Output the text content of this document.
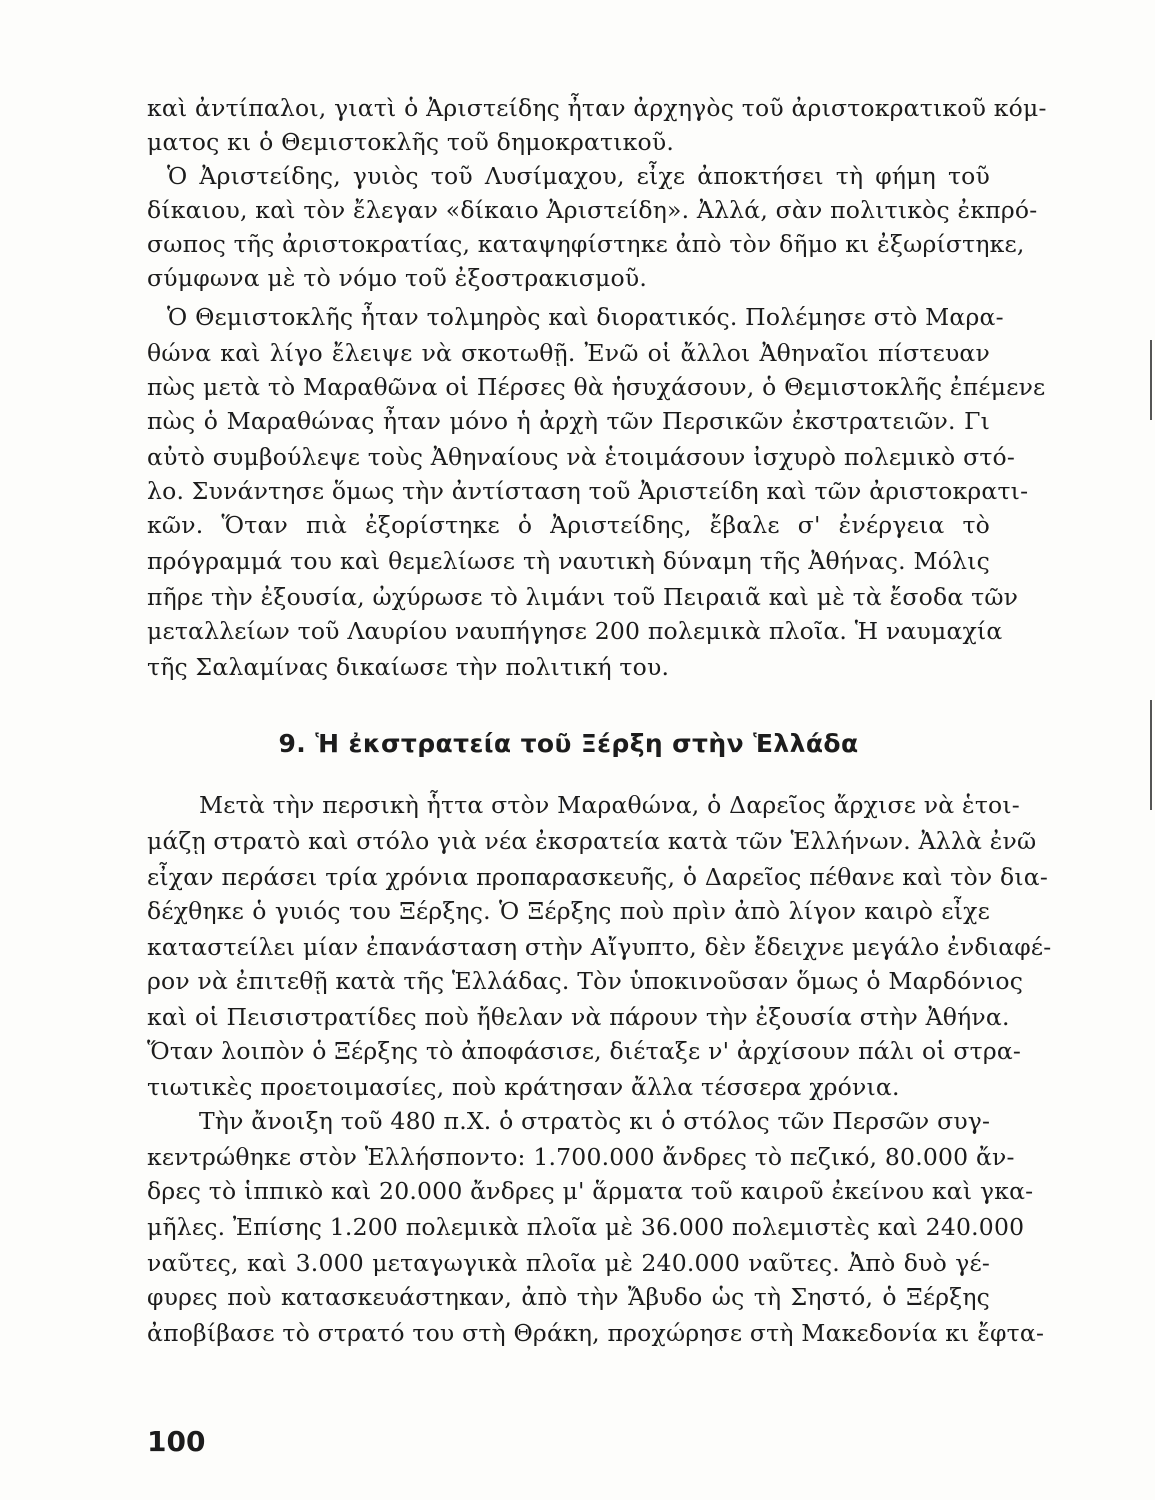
καὶ ἀντίπαλοι, γιατὶ ὁ Ἀριστείδης ἦταν ἀρχηγὸς τοῦ ἀριστοκρατικοῦ κόμ-
ματος κι ὁ Θεμιστοκλῆς τοῦ δημοκρατικοῦ.
Ὁ Ἀριστείδης, γυιὸς τοῦ Λυσίμαχου, εἶχε ἀποκτήσει τὴ φήμη τοῦ
δίκαιου, καὶ τὸν ἔλεγαν «δίκαιο Ἀριστείδη». Ἀλλά, σὰν πολιτικὸς ἐκπρό-
σωπος τῆς ἀριστοκρατίας, καταψηφίστηκε ἀπὸ τὸν δῆμο κι ἐξωρίστηκε,
σύμφωνα μὲ τὸ νόμο τοῦ ἐξοστρακισμοῦ.
Ὁ Θεμιστοκλῆς ἦταν τολμηρὸς καὶ διορατικός. Πολέμησε στὸ Μαρα-
θώνα καὶ λίγο ἔλειψε νὰ σκοτωθῇ. Ἐνῶ οἱ ἄλλοι Ἀθηναῖοι πίστευαν
πὼς μετὰ τὸ Μαραθῶνα οἱ Πέρσες θὰ ἡσυχάσουν, ὁ Θεμιστοκλῆς ἐπέμενε
πὼς ὁ Μαραθώνας ἦταν μόνο ἡ ἀρχὴ τῶν Περσικῶν ἐκστρατειῶν. Γι
αὐτὸ συμβούλεψε τοὺς Ἀθηναίους νὰ ἑτοιμάσουν ἰσχυρὸ πολεμικὸ στό-
λο. Συνάντησε ὅμως τὴν ἀντίσταση τοῦ Ἀριστείδη καὶ τῶν ἀριστοκρατι-
κῶν. Ὅταν πιὰ ἐξορίστηκε ὁ Ἀριστείδης, ἔβαλε σ' ἐνέργεια τὸ
πρόγραμμά του καὶ θεμελίωσε τὴ ναυτικὴ δύναμη τῆς Ἀθήνας. Μόλις
πῆρε τὴν ἐξουσία, ὠχύρωσε τὸ λιμάνι τοῦ Πειραιᾶ καὶ μὲ τὰ ἔσοδα τῶν
μεταλλείων τοῦ Λαυρίου ναυπήγησε 200 πολεμικὰ πλοῖα. Ἡ ναυμαχία
τῆς Σαλαμίνας δικαίωσε τὴν πολιτική του.
9. Ἡ ἐκστρατεία τοῦ Ξέρξη στὴν Ἑλλάδα
Μετὰ τὴν περσικὴ ἧττα στὸν Μαραθώνα, ὁ Δαρεῖος ἄρχισε νὰ ἑτοι-
μάζῃ στρατὸ καὶ στόλο γιὰ νέα ἐκσρατεία κατὰ τῶν Ἑλλήνων. Ἀλλὰ ἐνῶ
εἶχαν περάσει τρία χρόνια προπαρασκευῆς, ὁ Δαρεῖος πέθανε καὶ τὸν δια-
δέχθηκε ὁ γυιός του Ξέρξης. Ὁ Ξέρξης ποὺ πρὶν ἀπὸ λίγον καιρὸ εἶχε
καταστείλει μίαν ἐπανάσταση στὴν Αἴγυπτο, δὲν ἔδειχνε μεγάλο ἐνδιαφέ-
ρον νὰ ἐπιτεθῇ κατὰ τῆς Ἑλλάδας. Τὸν ὑποκινοῦσαν ὅμως ὁ Μαρδόνιος
καὶ οἱ Πεισιστρατίδες ποὺ ἤθελαν νὰ πάρουν τὴν ἐξουσία στὴν Ἀθήνα.
Ὅταν λοιπὸν ὁ Ξέρξης τὸ ἀποφάσισε, διέταξε ν' ἀρχίσουν πάλι οἱ στρα-
τιωτικὲς προετοιμασίες, ποὺ κράτησαν ἄλλα τέσσερα χρόνια.
Τὴν ἄνοιξη τοῦ 480 π.Χ. ὁ στρατὸς κι ὁ στόλος τῶν Περσῶν συγ-
κεντρώθηκε στὸν Ἑλλήσποντο: 1.700.000 ἄνδρες τὸ πεζικό, 80.000 ἄν-
δρες τὸ ἱππικὸ καὶ 20.000 ἄνδρες μ' ἅρματα τοῦ καιροῦ ἐκείνου καὶ γκα-
μῆλες. Ἐπίσης 1.200 πολεμικὰ πλοῖα μὲ 36.000 πολεμιστὲς καὶ 240.000
ναῦτες, καὶ 3.000 μεταγωγικὰ πλοῖα μὲ 240.000 ναῦτες. Ἀπὸ δυὸ γέ-
φυρες ποὺ κατασκευάστηκαν, ἀπὸ τὴν Ἄβυδο ὡς τὴ Σηστό, ὁ Ξέρξης
ἀποβίβασε τὸ στρατό του στὴ Θράκη, προχώρησε στὴ Μακεδονία κι ἔφτα-
100
